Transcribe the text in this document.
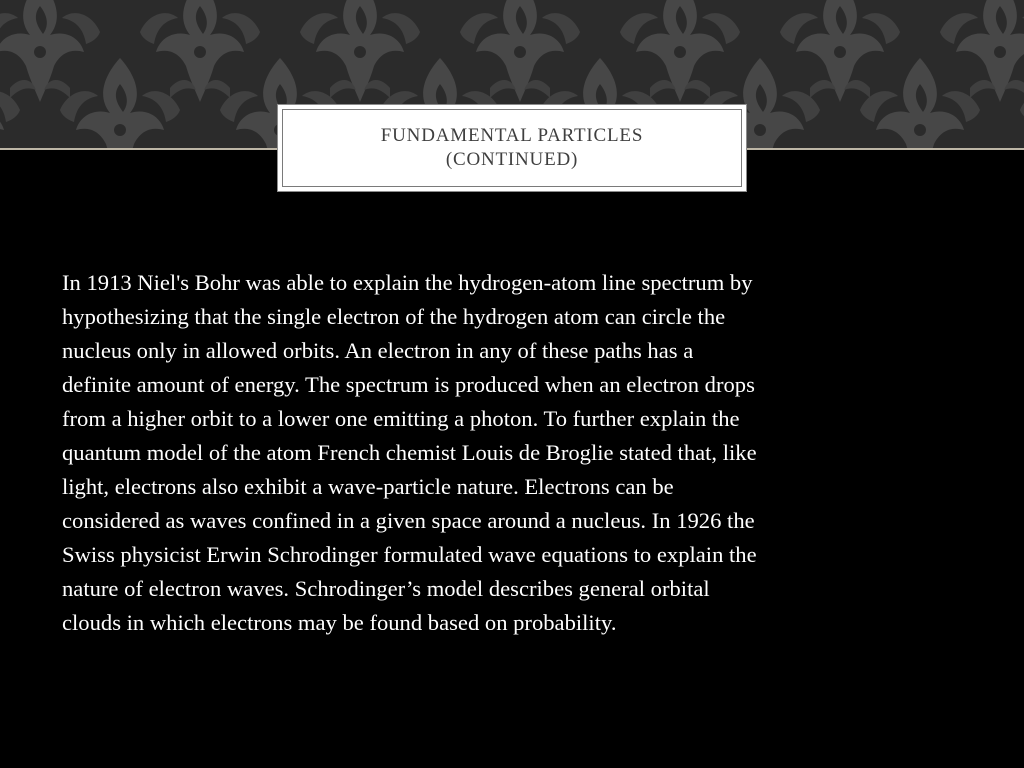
FUNDAMENTAL PARTICLES
(CONTINUED)

In 1913 Niel's Bohr was able to explain the hydrogen-atom line spectrum by
hypothesizing that the single electron of the hydrogen atom can circle the
nucleus only in allowed orbits. An electron in any of these paths has a
definite amount of energy. The spectrum is produced when an electron drops
from a higher orbit to a lower one emitting a photon. To further explain the
quantum model of the atom French chemist Louis de Broglie stated that, like
light, electrons also exhibit a wave-particle nature. Electrons can be
considered as waves confined in a given space around a nucleus. In 1926 the
Swiss physicist Erwin Schrodinger formulated wave equations to explain the
nature of electron waves. Schrodinger’s model describes general orbital
clouds in which electrons may be found based on probability.
